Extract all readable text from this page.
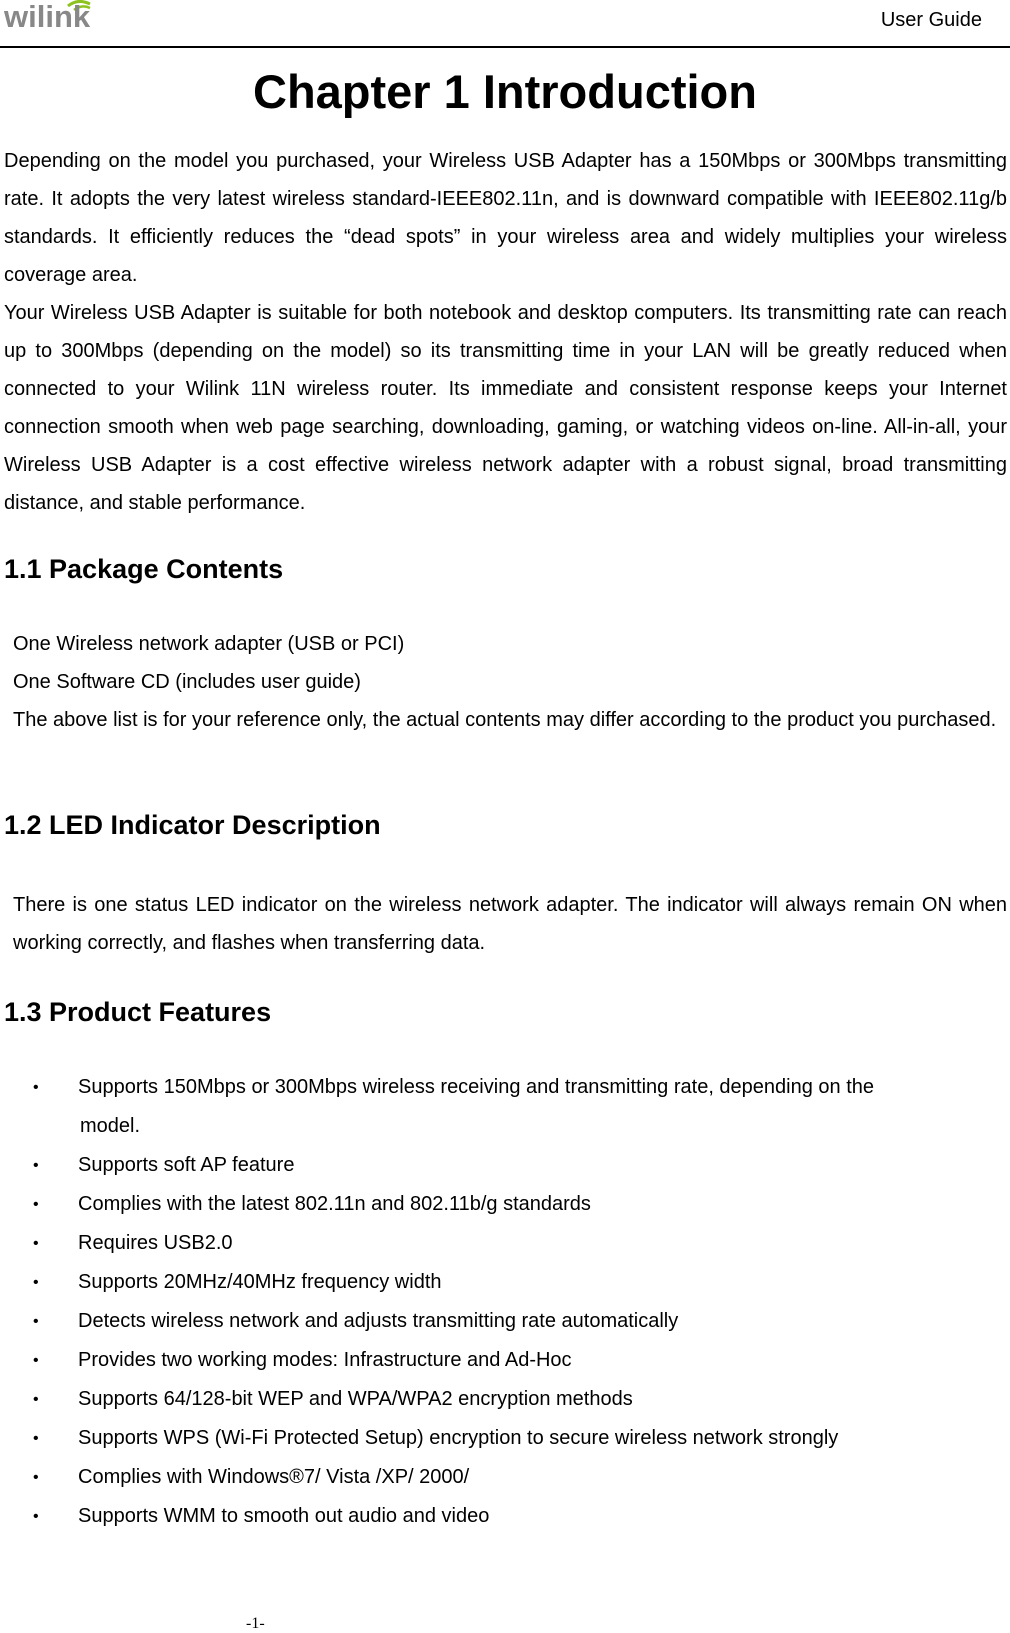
wilink	User Guide
Chapter 1 Introduction

Depending on the model you purchased, your Wireless USB Adapter has a 150Mbps or 300Mbps transmitting rate. It adopts the very latest wireless standard-IEEE802.11n, and is downward compatible with IEEE802.11g/b standards. It efficiently reduces the “dead spots” in your wireless area and widely multiplies your wireless coverage area.

Your Wireless USB Adapter is suitable for both notebook and desktop computers. Its transmitting rate can reach up to 300Mbps (depending on the model) so its transmitting time in your LAN will be greatly reduced when connected to your Wilink 11N wireless router. Its immediate and consistent response keeps your Internet connection smooth when web page searching, downloading, gaming, or watching videos on-line. All-in-all, your Wireless USB Adapter is a cost effective wireless network adapter with a robust signal, broad transmitting distance, and stable performance.

1.1 Package Contents

One Wireless network adapter (USB or PCI)

One Software CD (includes user guide)

The above list is for your reference only, the actual contents may differ according to the product you purchased.

1.2 LED Indicator Description

There is one status LED indicator on the wireless network adapter. The indicator will always remain ON when working correctly, and flashes when transferring data.

1.3 Product Features
• Supports 150Mbps or 300Mbps wireless receiving and transmitting rate, depending on the
model.
• Supports soft AP feature
• Complies with the latest 802.11n and 802.11b/g standards
• Requires USB2.0
• Supports 20MHz/40MHz frequency width
• Detects wireless network and adjusts transmitting rate automatically
• Provides two working modes: Infrastructure and Ad-Hoc
• Supports 64/128-bit WEP and WPA/WPA2 encryption methods
• Supports WPS (Wi-Fi Protected Setup) encryption to secure wireless network strongly
• Complies with Windows®7/ Vista /XP/ 2000/
• Supports WMM to smooth out audio and video
-1-
